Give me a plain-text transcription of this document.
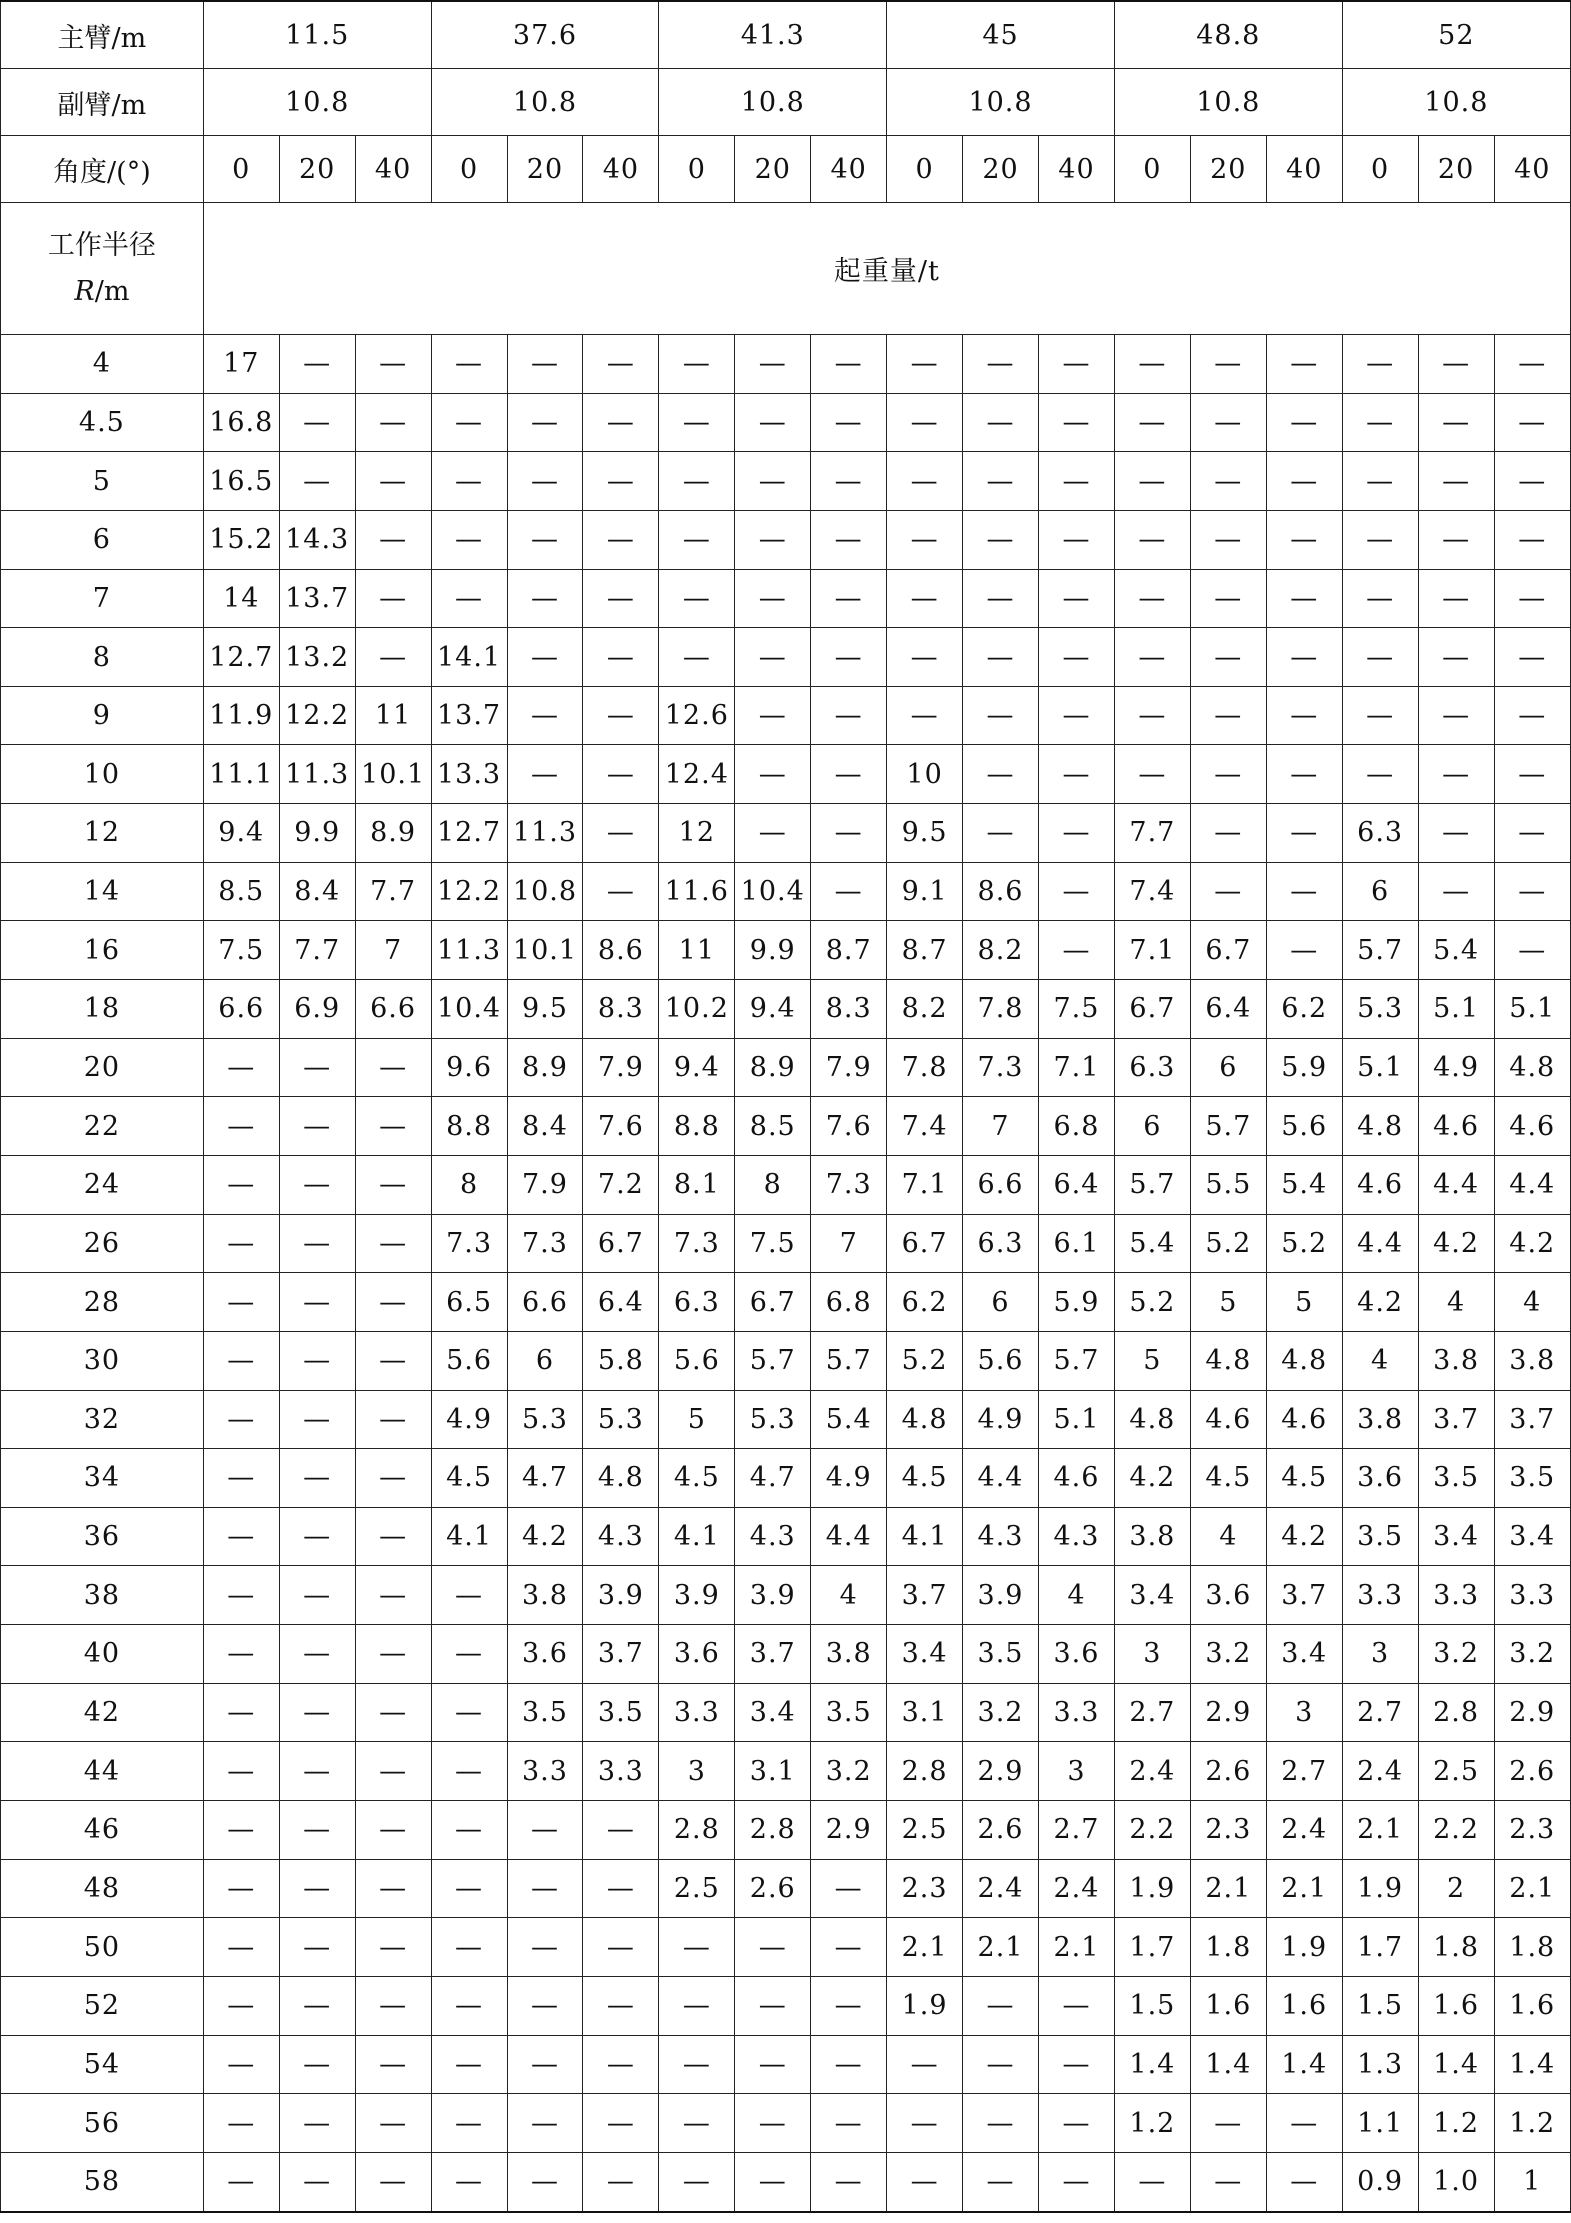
主臂/m	11.5			37.6			41.3			45			48.8			52		
副臂/m	10.8			10.8			10.8			10.8			10.8			10.8		
角度/(°)	0	20	40	0	20	40	0	20	40	0	20	40	0	20	40	0	20	40
工作半径
R/m	起重量/t																	
4	17	—	—	—	—	—	—	—	—	—	—	—	—	—	—	—	—	—
4.5	16.8	—	—	—	—	—	—	—	—	—	—	—	—	—	—	—	—	—
5	16.5	—	—	—	—	—	—	—	—	—	—	—	—	—	—	—	—	—
6	15.2	14.3	—	—	—	—	—	—	—	—	—	—	—	—	—	—	—	—
7	14	13.7	—	—	—	—	—	—	—	—	—	—	—	—	—	—	—	—
8	12.7	13.2	—	14.1	—	—	—	—	—	—	—	—	—	—	—	—	—	—
9	11.9	12.2	11	13.7	—	—	12.6	—	—	—	—	—	—	—	—	—	—	—
10	11.1	11.3	10.1	13.3	—	—	12.4	—	—	10	—	—	—	—	—	—	—	—
12	9.4	9.9	8.9	12.7	11.3	—	12	—	—	9.5	—	—	7.7	—	—	6.3	—	—
14	8.5	8.4	7.7	12.2	10.8	—	11.6	10.4	—	9.1	8.6	—	7.4	—	—	6	—	—
16	7.5	7.7	7	11.3	10.1	8.6	11	9.9	8.7	8.7	8.2	—	7.1	6.7	—	5.7	5.4	—
18	6.6	6.9	6.6	10.4	9.5	8.3	10.2	9.4	8.3	8.2	7.8	7.5	6.7	6.4	6.2	5.3	5.1	5.1
20	—	—	—	9.6	8.9	7.9	9.4	8.9	7.9	7.8	7.3	7.1	6.3	6	5.9	5.1	4.9	4.8
22	—	—	—	8.8	8.4	7.6	8.8	8.5	7.6	7.4	7	6.8	6	5.7	5.6	4.8	4.6	4.6
24	—	—	—	8	7.9	7.2	8.1	8	7.3	7.1	6.6	6.4	5.7	5.5	5.4	4.6	4.4	4.4
26	—	—	—	7.3	7.3	6.7	7.3	7.5	7	6.7	6.3	6.1	5.4	5.2	5.2	4.4	4.2	4.2
28	—	—	—	6.5	6.6	6.4	6.3	6.7	6.8	6.2	6	5.9	5.2	5	5	4.2	4	4
30	—	—	—	5.6	6	5.8	5.6	5.7	5.7	5.2	5.6	5.7	5	4.8	4.8	4	3.8	3.8
32	—	—	—	4.9	5.3	5.3	5	5.3	5.4	4.8	4.9	5.1	4.8	4.6	4.6	3.8	3.7	3.7
34	—	—	—	4.5	4.7	4.8	4.5	4.7	4.9	4.5	4.4	4.6	4.2	4.5	4.5	3.6	3.5	3.5
36	—	—	—	4.1	4.2	4.3	4.1	4.3	4.4	4.1	4.3	4.3	3.8	4	4.2	3.5	3.4	3.4
38	—	—	—	—	3.8	3.9	3.9	3.9	4	3.7	3.9	4	3.4	3.6	3.7	3.3	3.3	3.3
40	—	—	—	—	3.6	3.7	3.6	3.7	3.8	3.4	3.5	3.6	3	3.2	3.4	3	3.2	3.2
42	—	—	—	—	3.5	3.5	3.3	3.4	3.5	3.1	3.2	3.3	2.7	2.9	3	2.7	2.8	2.9
44	—	—	—	—	3.3	3.3	3	3.1	3.2	2.8	2.9	3	2.4	2.6	2.7	2.4	2.5	2.6
46	—	—	—	—	—	—	2.8	2.8	2.9	2.5	2.6	2.7	2.2	2.3	2.4	2.1	2.2	2.3
48	—	—	—	—	—	—	2.5	2.6	—	2.3	2.4	2.4	1.9	2.1	2.1	1.9	2	2.1
50	—	—	—	—	—	—	—	—	—	2.1	2.1	2.1	1.7	1.8	1.9	1.7	1.8	1.8
52	—	—	—	—	—	—	—	—	—	1.9	—	—	1.5	1.6	1.6	1.5	1.6	1.6
54	—	—	—	—	—	—	—	—	—	—	—	—	1.4	1.4	1.4	1.3	1.4	1.4
56	—	—	—	—	—	—	—	—	—	—	—	—	1.2	—	—	1.1	1.2	1.2
58	—	—	—	—	—	—	—	—	—	—	—	—	—	—	—	0.9	1.0	1
